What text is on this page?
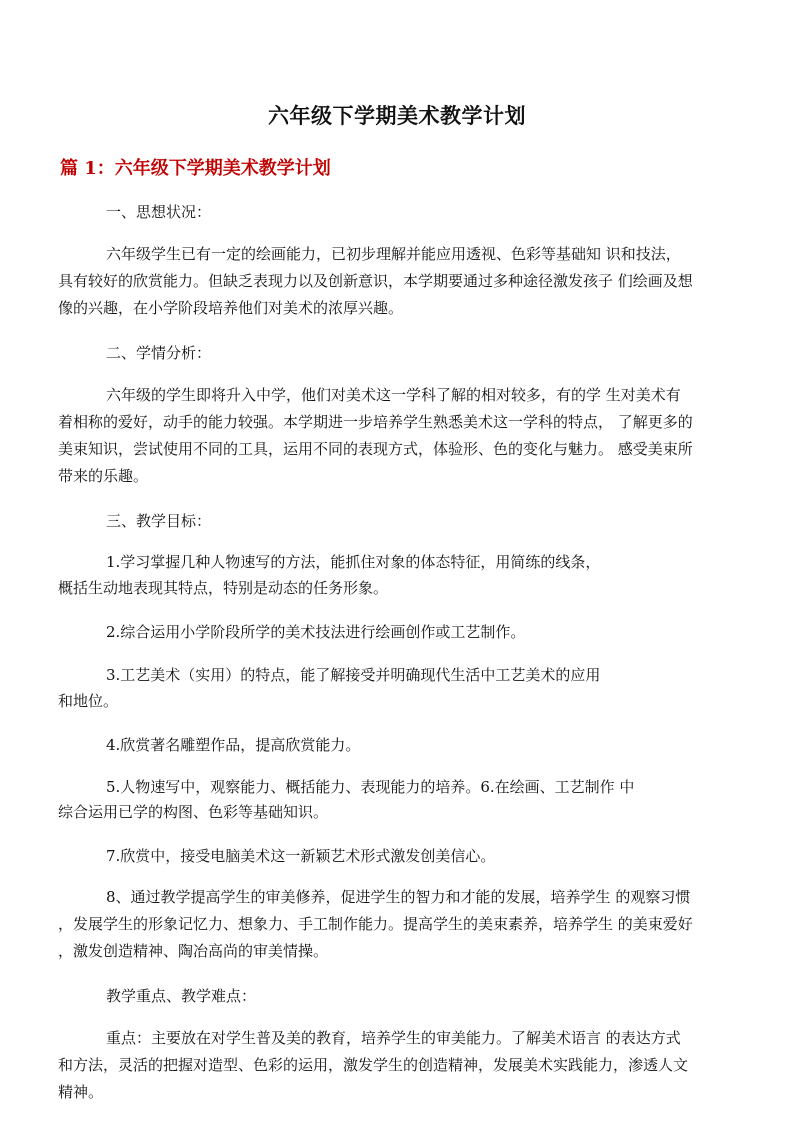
六年级下学期美术教学计划
篇 1：六年级下学期美术教学计划
一、思想状况：
六年级学生已有一定的绘画能力，已初步理解并能应用透视、色彩等基础知 识和技法，
具有较好的欣赏能力。但缺乏表现力以及创新意识，本学期要通过多种途径激发孩子 们绘画及想
像的兴趣，在小学阶段培养他们对美术的浓厚兴趣。
二、学情分析：
六年级的学生即将升入中学，他们对美术这一学科了解的相对较多，有的学 生对美术有
着相称的爱好，动手的能力较强。本学期进一步培养学生熟悉美术这一学科的特点， 了解更多的
美束知识，尝试使用不同的工具，运用不同的表现方式，体验形、色的变化与魅力。 感受美束所
带来的乐趣。
三、教学目标：
1.学习掌握几种人物速写的方法，能抓住对象的体态特征，用简练的线条，
概括生动地表现其特点，特别是动态的任务形象。
2.综合运用小学阶段所学的美术技法进行绘画创作或工艺制作。
3.工艺美术（实用）的特点，能了解接受并明确现代生活中工艺美术的应用
和地位。
4.欣赏著名雕塑作品，提高欣赏能力。
5.人物速写中，观察能力、概括能力、表现能力的培养。6.在绘画、工艺制作 中
综合运用已学的构图、色彩等基础知识。
7.欣赏中，接受电脑美术这一新颖艺术形式激发创美信心。
8、通过教学提高学生的审美修养，促进学生的智力和才能的发展，培养学生 的观察习惯
，发展学生的形象记忆力、想象力、手工制作能力。提高学生的美束素养，培养学生 的美束爱好
，激发创造精神、陶冶高尚的审美情操。
教学重点、教学难点：
重点：主要放在对学生普及美的教育，培养学生的审美能力。了解美术语言 的表达方式
和方法，灵活的把握对造型、色彩的运用，激发学生的创造精神，发展美术实践能力，渗透人文
精神。
